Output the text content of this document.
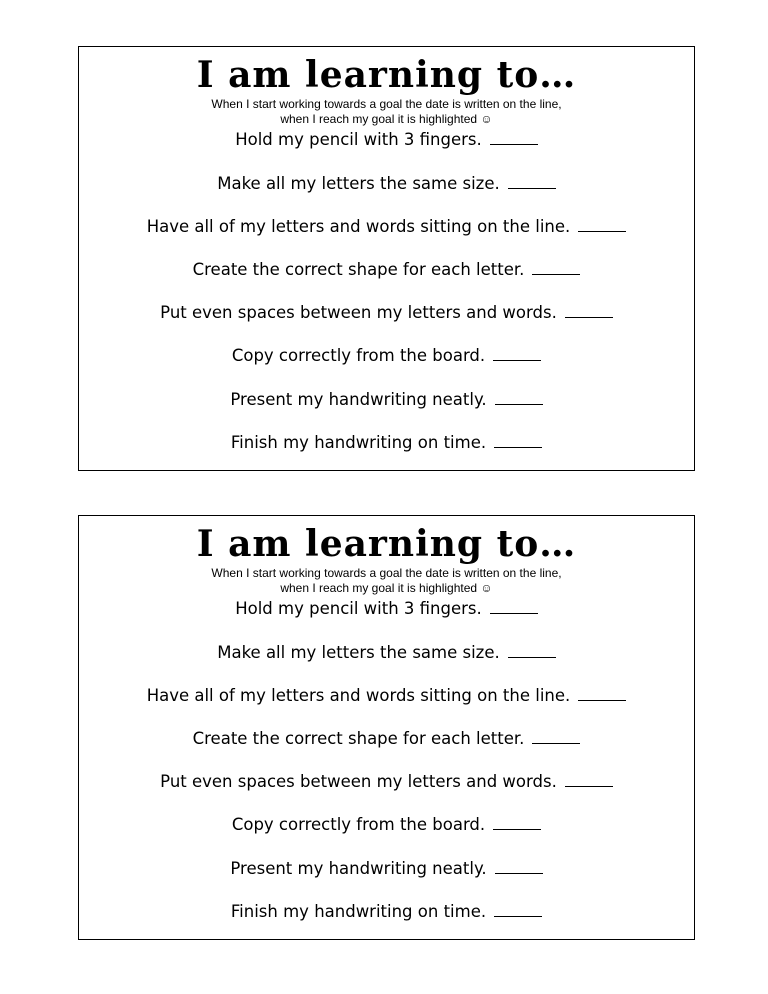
I am learning to…
When I start working towards a goal the date is written on the line,
when I reach my goal it is highlighted ☺
Hold my pencil with 3 fingers.
Make all my letters the same size.
Have all of my letters and words sitting on the line.
Create the correct shape for each letter.
Put even spaces between my letters and words.
Copy correctly from the board.
Present my handwriting neatly.
Finish my handwriting on time.
I am learning to…
When I start working towards a goal the date is written on the line,
when I reach my goal it is highlighted ☺
Hold my pencil with 3 fingers.
Make all my letters the same size.
Have all of my letters and words sitting on the line.
Create the correct shape for each letter.
Put even spaces between my letters and words.
Copy correctly from the board.
Present my handwriting neatly.
Finish my handwriting on time.
